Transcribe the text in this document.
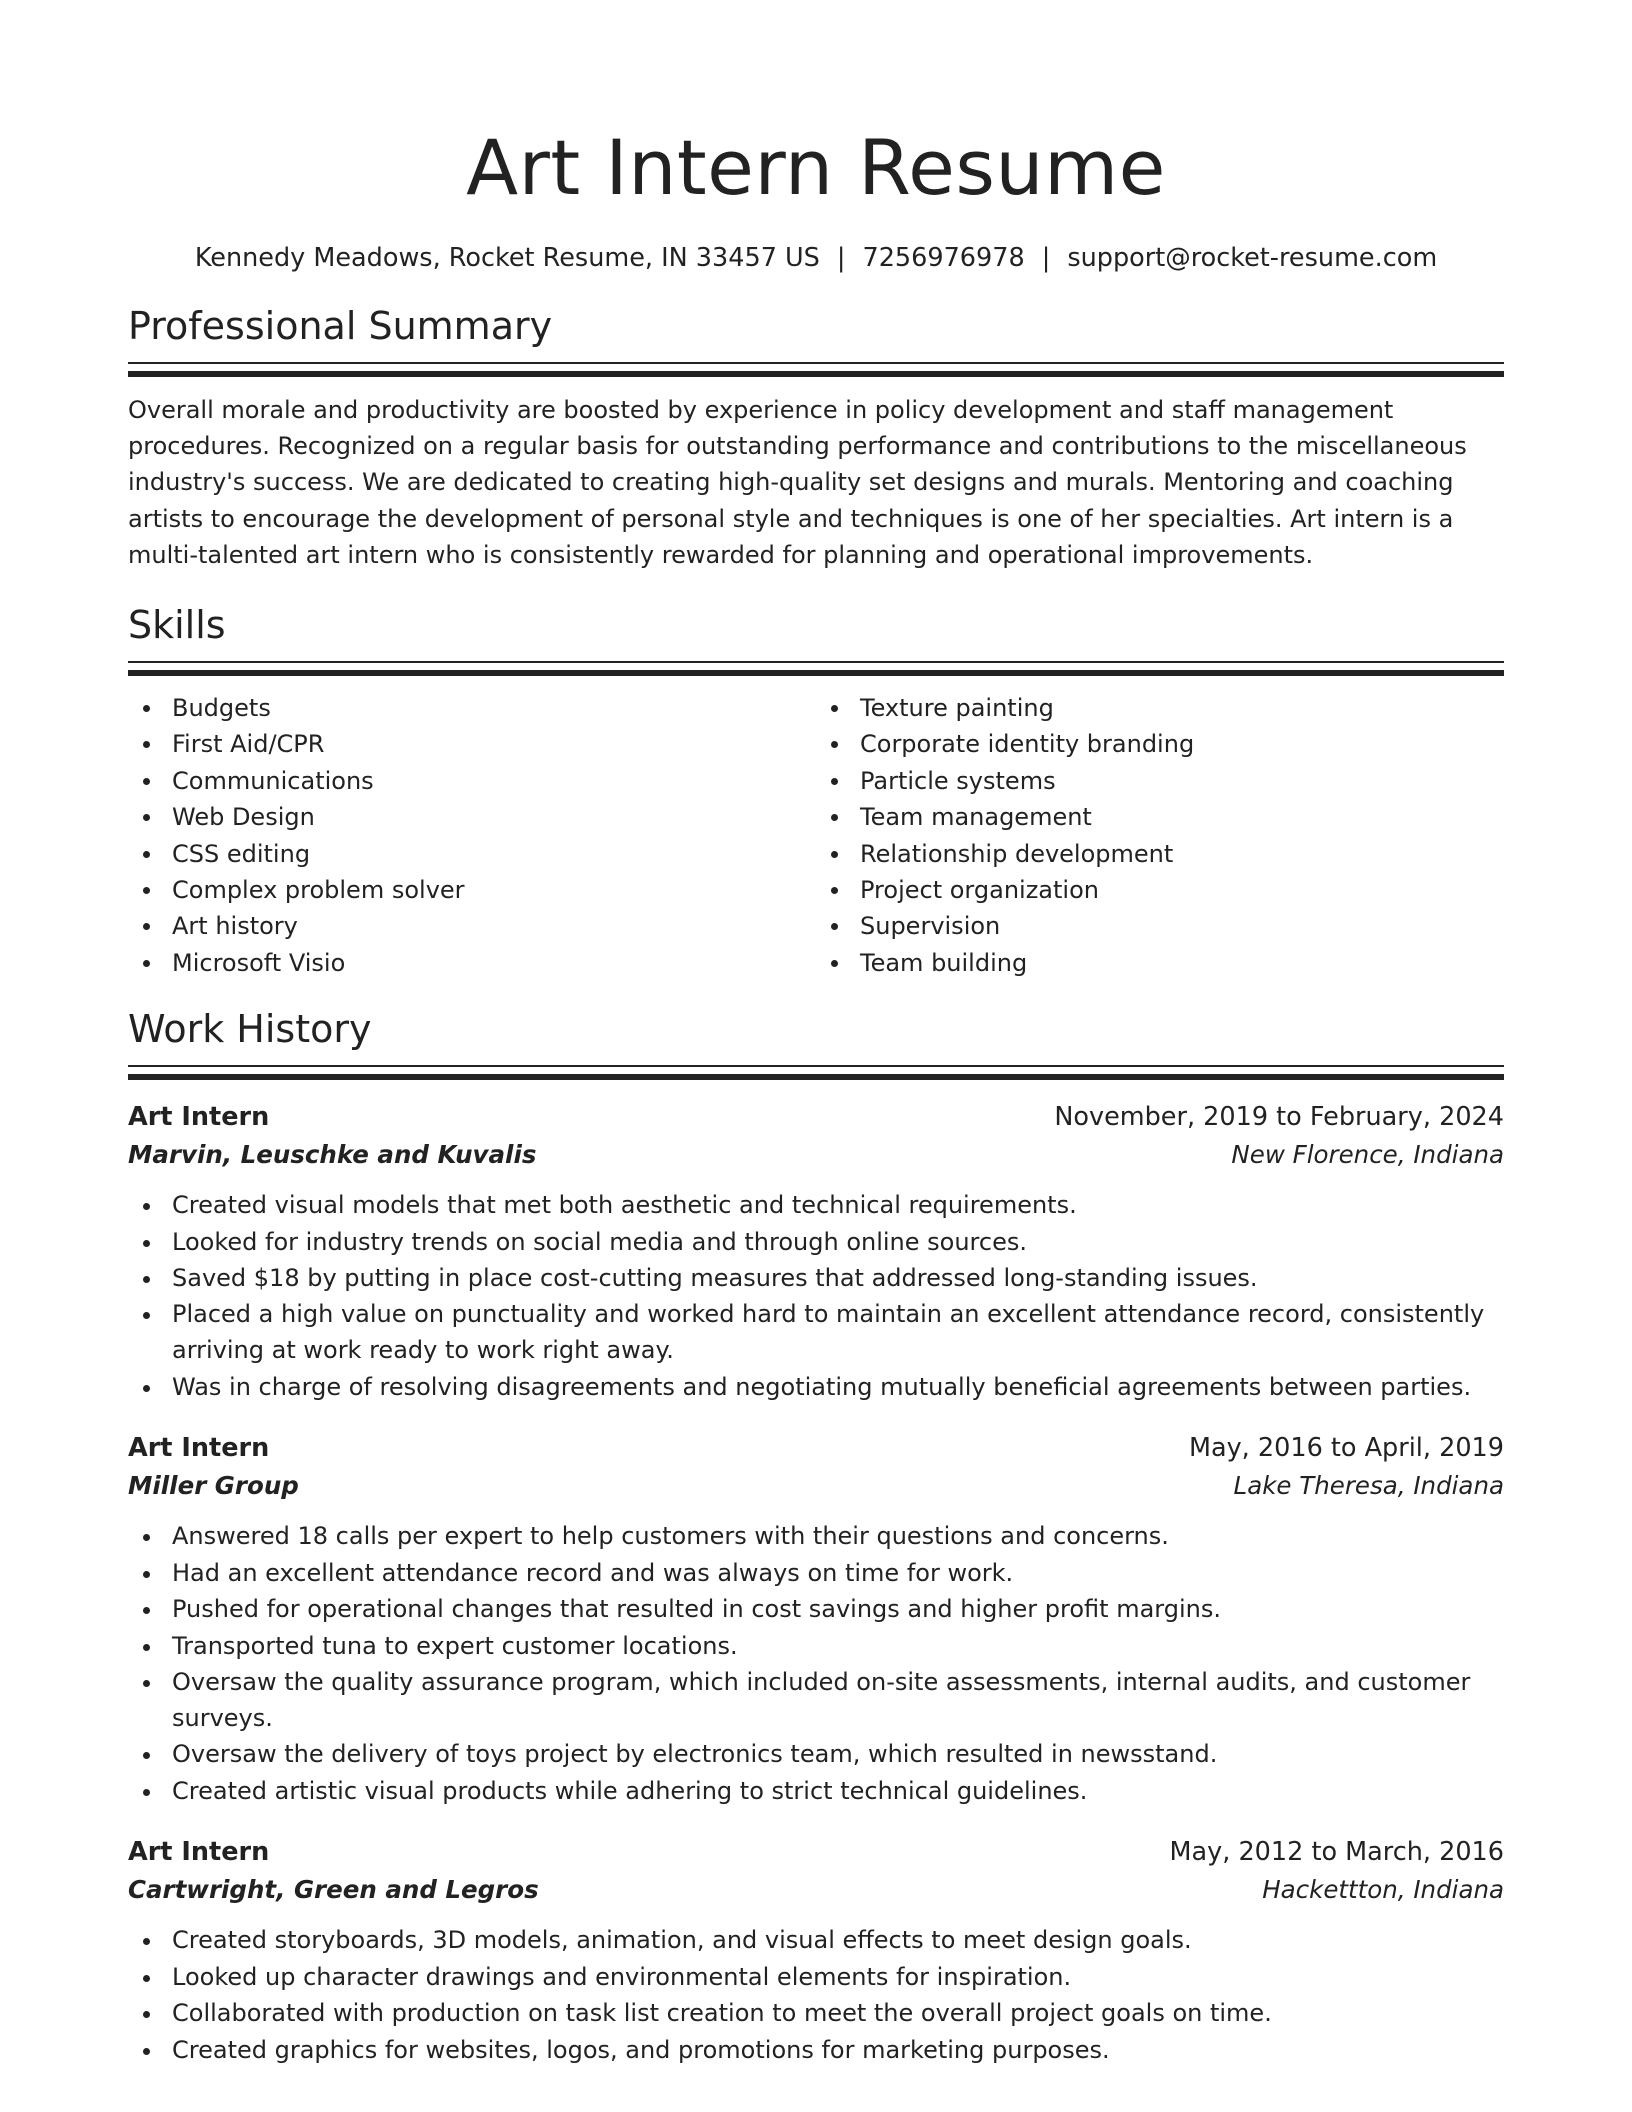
Art Intern Resume
Kennedy Meadows, Rocket Resume, IN 33457 US | 7256976978 | support@rocket-resume.com
Professional Summary

Overall morale and productivity are boosted by experience in policy development and staff management procedures. Recognized on a regular basis for outstanding performance and contributions to the miscellaneous industry's success. We are dedicated to creating high-quality set designs and murals. Mentoring and coaching artists to encourage the development of personal style and techniques is one of her specialties. Art intern is a multi-talented art intern who is consistently rewarded for planning and operational improvements.

Skills
Budgets
First Aid/CPR
Communications
Web Design
CSS editing
Complex problem solver
Art history
Microsoft Visio
Texture painting
Corporate identity branding
Particle systems
Team management
Relationship development
Project organization
Supervision
Team building
Work History
Art Intern	November, 2019 to February, 2024
Marvin, Leuschke and Kuvalis	New Florence, Indiana
Created visual models that met both aesthetic and technical requirements.
Looked for industry trends on social media and through online sources.
Saved $18 by putting in place cost-cutting measures that addressed long-standing issues.
Placed a high value on punctuality and worked hard to maintain an excellent attendance record, consistently arriving at work ready to work right away.
Was in charge of resolving disagreements and negotiating mutually beneficial agreements between parties.
Art Intern	May, 2016 to April, 2019
Miller Group	Lake Theresa, Indiana
Answered 18 calls per expert to help customers with their questions and concerns.
Had an excellent attendance record and was always on time for work.
Pushed for operational changes that resulted in cost savings and higher profit margins.
Transported tuna to expert customer locations.
Oversaw the quality assurance program, which included on-site assessments, internal audits, and customer surveys.
Oversaw the delivery of toys project by electronics team, which resulted in newsstand.
Created artistic visual products while adhering to strict technical guidelines.
Art Intern	May, 2012 to March, 2016
Cartwright, Green and Legros	Hackettton, Indiana
Created storyboards, 3D models, animation, and visual effects to meet design goals.
Looked up character drawings and environmental elements for inspiration.
Collaborated with production on task list creation to meet the overall project goals on time.
Created graphics for websites, logos, and promotions for marketing purposes.
